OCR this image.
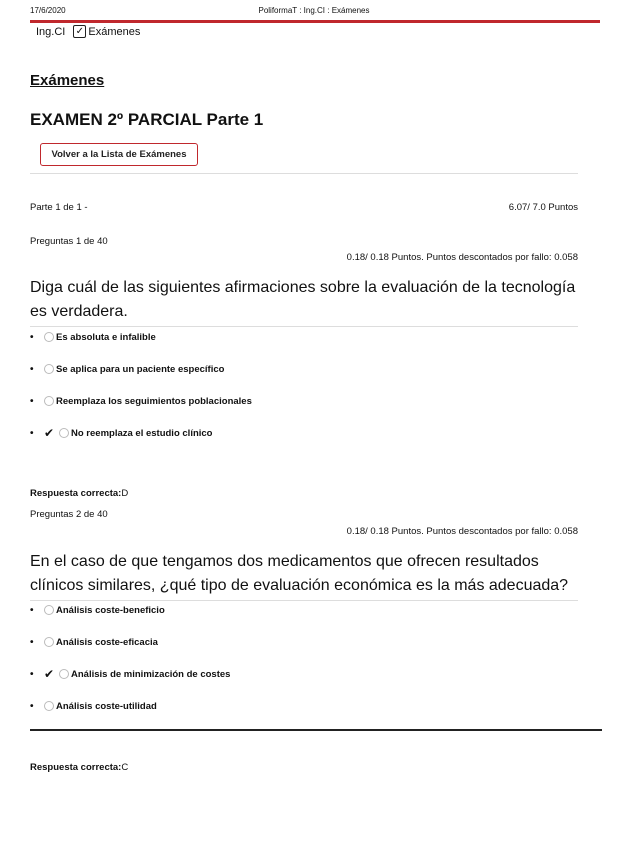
17/6/2020	PoliformaT : Ing.CI : Exámenes
Ing.CI ✓ Exámenes
Exámenes
EXAMEN 2º PARCIAL Parte 1
Volver a la Lista de Exámenes
Parte 1 de 1 -	6.07/ 7.0 Puntos
Preguntas 1 de 40
0.18/ 0.18 Puntos. Puntos descontados por fallo: 0.058
Diga cuál de las siguientes afirmaciones sobre la evaluación de la tecnología es verdadera.
•	Es absoluta e infalible
•	Se aplica para un paciente específico
•	Reemplaza los seguimientos poblacionales
• ✔ No reemplaza el estudio clínico
Respuesta correcta:D
Preguntas 2 de 40
0.18/ 0.18 Puntos. Puntos descontados por fallo: 0.058
En el caso de que tengamos dos medicamentos que ofrecen resultados clínicos similares, ¿qué tipo de evaluación económica es la más adecuada?
•	Análisis coste-beneficio
•	Análisis coste-eficacia
• ✔ Análisis de minimización de costes
•	Análisis coste-utilidad
Respuesta correcta:C
